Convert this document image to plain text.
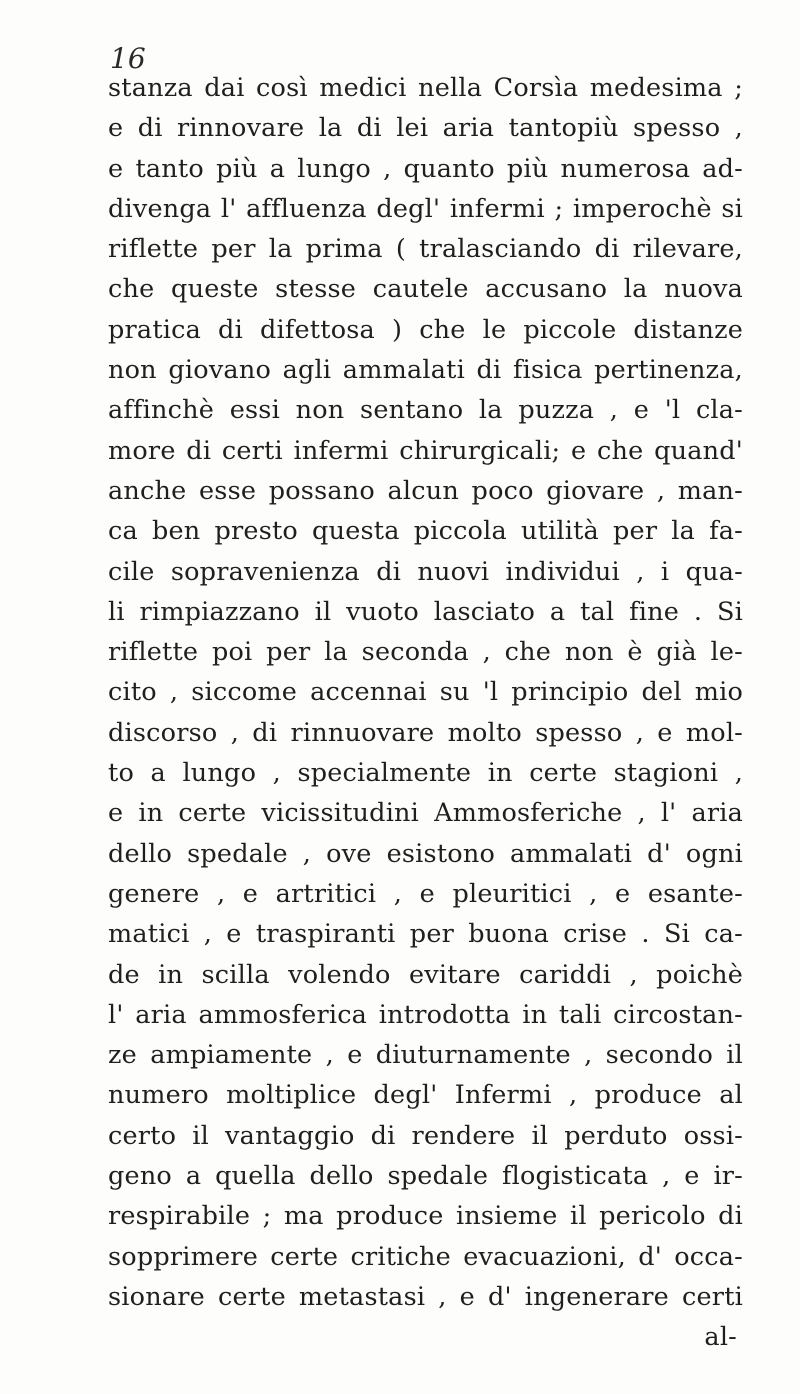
16

stanza dai così medici nella Corsìa medesima ;
e di rinnovare la di lei aria tantopiù spesso ,
e tanto più a lungo , quanto più numerosa ad-
divenga l' affluenza degl' infermi ; imperochè si
riflette per la prima ( tralasciando di rilevare,
che queste stesse cautele accusano la nuova
pratica di difettosa ) che le piccole distanze
non giovano agli ammalati di fisica pertinenza,
affinchè essi non sentano la puzza , e 'l cla-
more di certi infermi chirurgicali; e che quand'
anche esse possano alcun poco giovare , man-
ca ben presto questa piccola utilità per la fa-
cile sopravenienza di nuovi individui , i qua-
li rimpiazzano il vuoto lasciato a tal fine . Si
riflette poi per la seconda , che non è già le-
cito , siccome accennai su 'l principio del mio
discorso , di rinnuovare molto spesso , e mol-
to a lungo , specialmente in certe stagioni ,
e in certe vicissitudini Ammosferiche , l' aria
dello spedale , ove esistono ammalati d' ogni
genere , e artritici , e pleuritici , e esante-
matici , e traspiranti per buona crise . Si ca-
de in scilla volendo evitare cariddi , poichè
l' aria ammosferica introdotta in tali circostan-
ze ampiamente , e diuturnamente , secondo il
numero moltiplice degl' Infermi , produce al
certo il vantaggio di rendere il perduto ossi-
geno a quella dello spedale flogisticata , e ir-
respirabile ; ma produce insieme il pericolo di
sopprimere certe critiche evacuazioni, d' occa-
sionare certe metastasi , e d' ingenerare certi
al-
